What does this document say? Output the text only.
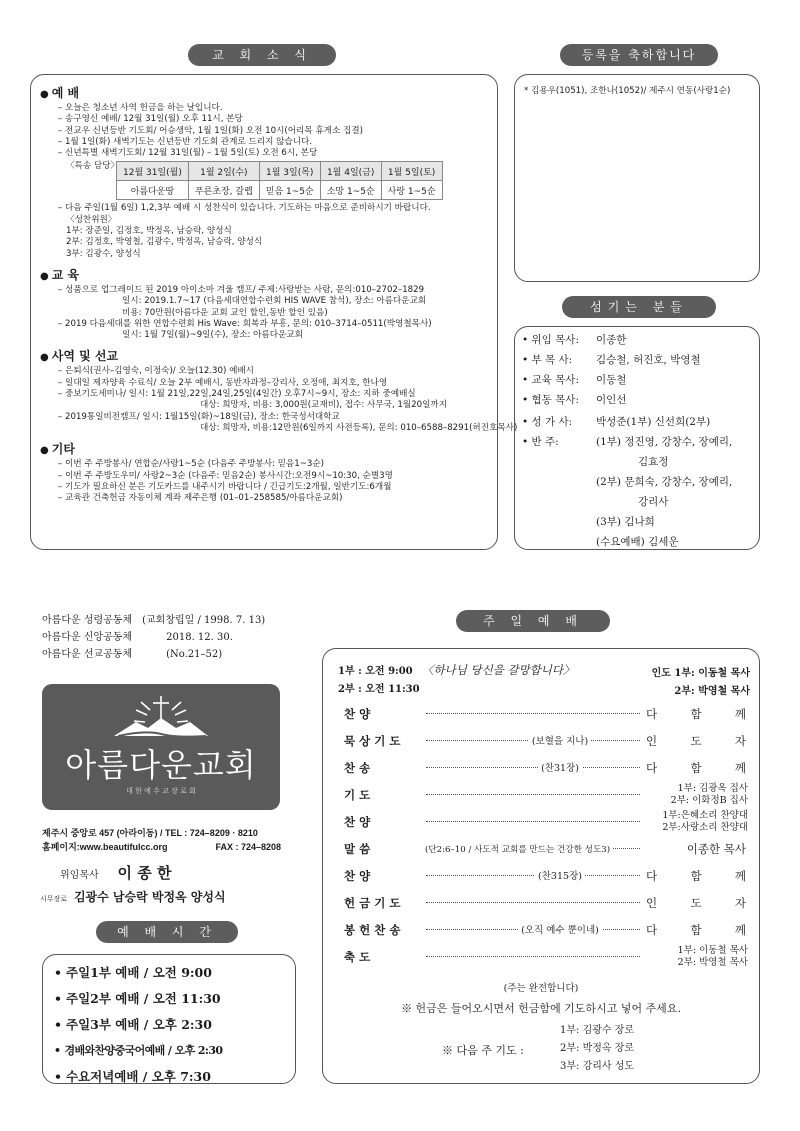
교 회 소 식
● 예 배
– 오늘은 청소년 사역 헌금을 하는 날입니다.
– 송구영신 예배/ 12월 31일(월) 오후 11시, 본당
– 전교우 신년등반 기도회/ 어승생악, 1월 1일(화) 오전 10시(어리목 휴게소 집결)
– 1월 1일(화) 새벽기도는 신년등반 기도회 관계로 드리지 않습니다.
– 신년특별 새벽기도회/ 12월 31일(월) – 1월 5일(토) 오전 6시, 본당
〈특송 담당〉
12월 31일(월)	1월 2일(수)	1월 3일(목)	1월 4일(금)	1월 5일(토)
아름다운땅	푸른초장, 갈렙	믿음 1~5순	소망 1~5순	사랑 1~5순
– 다음 주일(1월 6일) 1,2,3부 예배 시 성찬식이 있습니다. 기도하는 마음으로 준비하시기 바랍니다.
〈성찬위원〉
1부: 장준일, 김정호, 박정옥, 남승락, 양성식
2부: 김정호, 박영철, 김광수, 박정옥, 남승락, 양성식
3부: 김광수, 양성식
● 교 육
– 성품으로 업그레이드 된 2019 아이소마 겨울 캠프/ 주제:사랑받는 사람, 문의:010–2702–1829
일시: 2019.1.7~17 (다음세대연합수련회 HIS WAVE 참석), 장소: 아름다운교회
비용: 70만원(아름다운 교회 교인 할인,동반 할인 있음)
– 2019 다음세대를 위한 연합수련회 His Wave: 회복과 부흥, 문의: 010–3714–0511(박영철목사)
일시: 1월 7일(월)~9일(수), 장소: 아름다운교회
● 사역 및 선교
– 은퇴식(권사–김영숙, 이정숙)/ 오늘(12.30) 예배시
– 일대일 제자양육 수료식/ 오늘 2부 예배시, 동반자과정–강리사, 오정애, 최지호, 한나영
– 중보기도세미나/ 일시: 1월 21일,22일,24일,25일(4일간) 오후7시~9시, 장소: 지하 중예배실
대상: 희망자, 비용: 3,000원(교재비), 접수: 사무국, 1월20일까지
– 2019통일비전캠프/ 일시: 1월15일(화)~18일(금), 장소: 한국성서대학교
대상: 희망자, 비용:12만원(6일까지 사전등록), 문의: 010–6588–8291(허진호목사)
● 기타
– 이번 주 주방봉사/ 연합순/사랑1~5순 (다음주 주방봉사: 믿음1~3순)
– 이번 주 주방도우미/ 사랑2~3순 (다음주: 믿음2순) 봉사시간:오전9시~10:30, 순별3명
– 기도가 필요하신 분은 기도카드를 내주시기 바랍니다 / 긴급기도:2개월, 일반기도:6개월
– 교육관 건축헌금 자동이체 계좌 제주은행 (01–01–258585/아름다운교회)
등록을 축하합니다
* 김용우(1051), 조한나(1052)/ 제주시 연동(사랑1순)
섬기는 분들
• 위임 목사: 이종한
• 부 목 사: 김승철, 허진호, 박영철
• 교육 목사: 이동철
• 협동 목사: 이인선
• 성 가 사: 박성준(1부) 신선희(2부)
• 반 주:	(1부) 정진영, 강창수, 장예리,
김효정
(2부) 문희숙, 강창수, 장예리,
강리사
(3부) 김나희
(수요예배) 김세운
아름다운 성령공동체 (교회창립일 / 1998. 7. 13)
아름다운 신앙공동체	2018. 12. 30.
아름다운 선교공동체	(No.21–52)
아름다운교회
대 한 예 수 교 장 로 회
제주시 중앙로 457 (아라이동) / TEL : 724–8209 · 8210
홈페이지:www.beautifulcc.org	FAX : 724–8208
위임목사 이 종 한
시무장로 김광수 남승락 박정옥 양성식
예 배 시 간
• 주일1부 예배 / 오전 9:00
• 주일2부 예배 / 오전 11:30
• 주일3부 예배 / 오후 2:30
• 경배와찬양중국어예배 / 오후 2:30
• 수요저녁예배 / 오후 7:30
주 일 예 배
1부 : 오전 9:00
2부 : 오전 11:30
〈하나님 당신을 갈망합니다〉	인도 1부: 이동철 목사
2부: 박영철 목사
찬 양	다 함 께
묵 상 기 도	(보혈을 지나)	인 도 자
찬 송	(찬31장)	다 함 께
기 도	1부: 김광옥 집사
2부: 이화정B 집사
찬 양	1부:은혜소리 찬양대
2부:사랑소리 찬양대
말 씀	(단2:6–10 / 사도적 교회를 만드는 건강한 성도3)	이종한 목사
찬 양	(찬315장)	다 함 께
헌 금 기 도	인 도 자
봉 헌 찬 송	(오직 예수 뿐이네)	다 함 께
축 도	1부: 이동철 목사
2부: 박영철 목사
(주는 완전합니다)
※ 헌금은 들어오시면서 헌금함에 기도하시고 넣어 주세요.
※ 다음 주 기도 :
1부: 김광수 장로
2부: 박정옥 장로
3부: 강리사 성도
